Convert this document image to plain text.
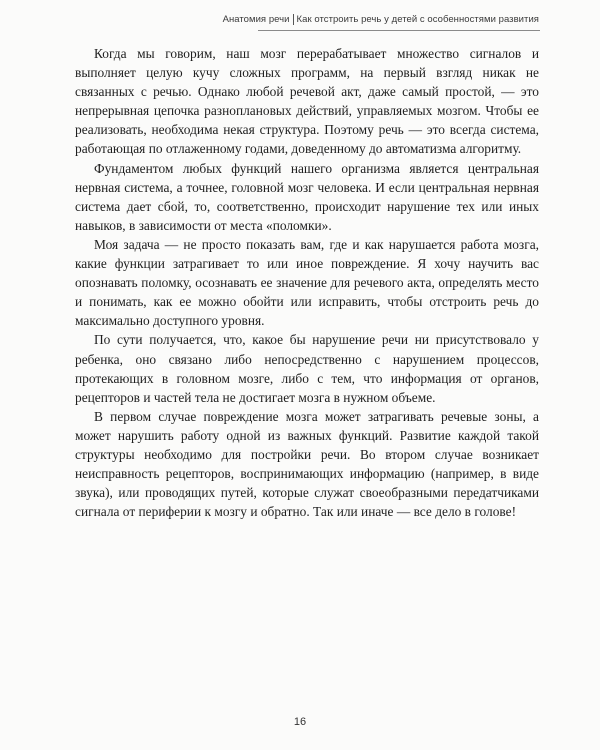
Анатомия речи Как отстроить речь у детей с особенностями развития

Когда мы говорим, наш мозг перерабатывает множество сигналов и выполняет целую кучу сложных программ, на первый взгляд никак не связанных с речью. Однако любой речевой акт, даже самый простой, — это непрерывная цепочка разноплановых действий, управляемых мозгом. Чтобы ее реализовать, необходима некая структура. Поэтому речь — это всегда система, работающая по отлаженному годами, доведенному до автоматизма алгоритму.

Фундаментом любых функций нашего организма является центральная нервная система, а точнее, головной мозг человека. И если центральная нервная система дает сбой, то, соответственно, происходит нарушение тех или иных навыков, в зависимости от места «поломки».

Моя задача — не просто показать вам, где и как нарушается работа мозга, какие функции затрагивает то или иное повреждение. Я хочу научить вас опознавать поломку, осознавать ее значение для речевого акта, определять место и понимать, как ее можно обойти или исправить, чтобы отстроить речь до максимально доступного уровня.

По сути получается, что, какое бы нарушение речи ни присутствовало у ребенка, оно связано либо непосредственно с нарушением процессов, протекающих в головном мозге, либо с тем, что информация от органов, рецепторов и частей тела не достигает мозга в нужном объеме.

В первом случае повреждение мозга может затрагивать речевые зоны, а может нарушить работу одной из важных функций. Развитие каждой такой структуры необходимо для постройки речи. Во втором случае возникает неисправность рецепторов, воспринимающих информацию (например, в виде звука), или проводящих путей, которые служат своеобразными передатчиками сигнала от периферии к мозгу и обратно. Так или иначе — все дело в голове!

16
